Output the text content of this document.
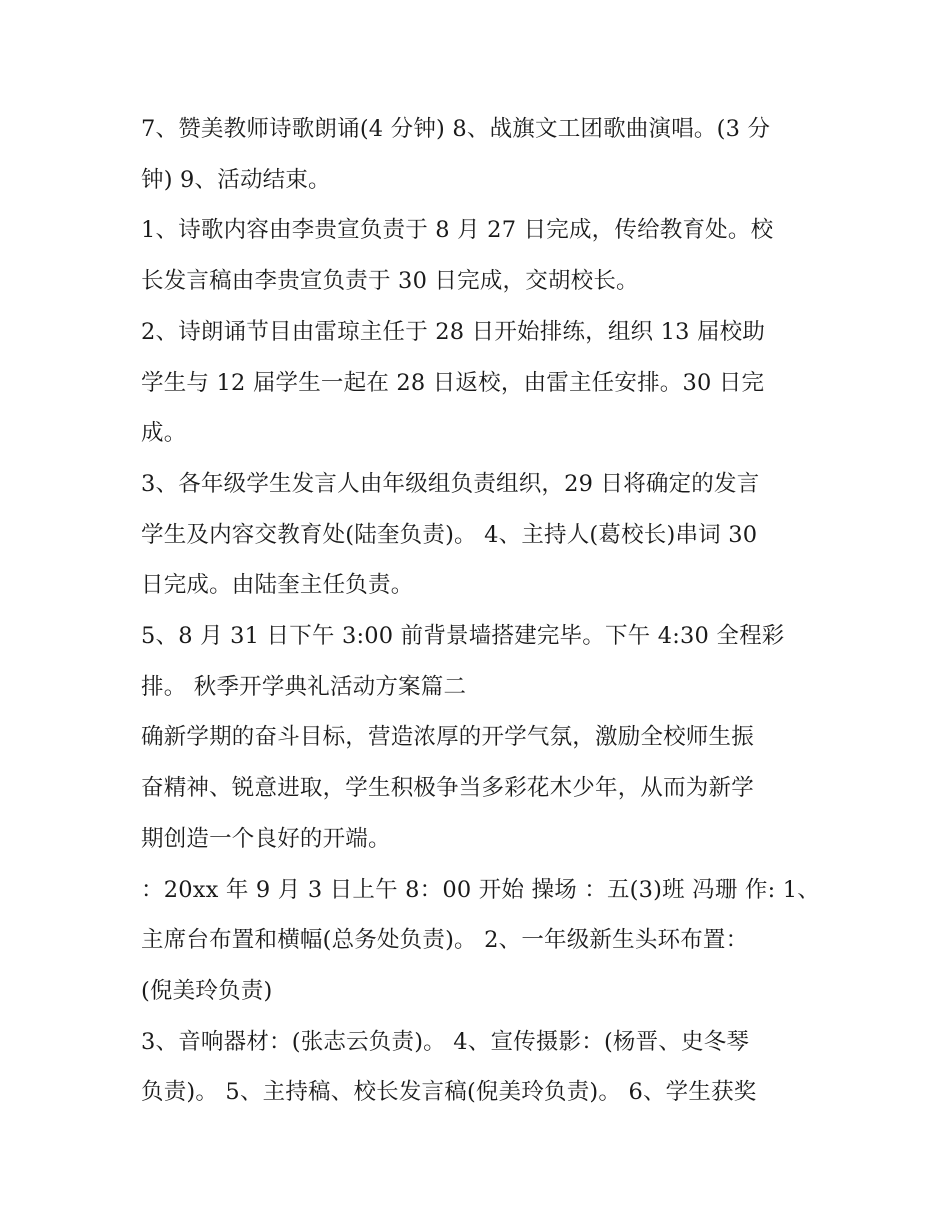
7、赞美教师诗歌朗诵(4 分钟) 8、战旗文工团歌曲演唱。(3 分
钟) 9、活动结束。
1、诗歌内容由李贵宣负责于 8 月 27 日完成，传给教育处。校
长发言稿由李贵宣负责于 30 日完成，交胡校长。
2、诗朗诵节目由雷琼主任于 28 日开始排练，组织 13 届校助
学生与 12 届学生一起在 28 日返校，由雷主任安排。30 日完
成。
3、各年级学生发言人由年级组负责组织，29 日将确定的发言
学生及内容交教育处(陆奎负责)。 4、主持人(葛校长)串词 30
日完成。由陆奎主任负责。
5、8 月 31 日下午 3:00 前背景墙搭建完毕。下午 4:30 全程彩
排。 秋季开学典礼活动方案篇二
确新学期的奋斗目标，营造浓厚的开学气氛，激励全校师生振
奋精神、锐意进取，学生积极争当多彩花木少年，从而为新学
期创造一个良好的开端。
：20xx 年 9 月 3 日上午 8：00 开始 操场 ：五(3)班 冯珊 作: 1、
主席台布置和横幅(总务处负责)。 2、一年级新生头环布置：
(倪美玲负责)
3、音响器材：(张志云负责)。 4、宣传摄影：(杨晋、史冬琴
负责)。 5、主持稿、校长发言稿(倪美玲负责)。 6、学生获奖
